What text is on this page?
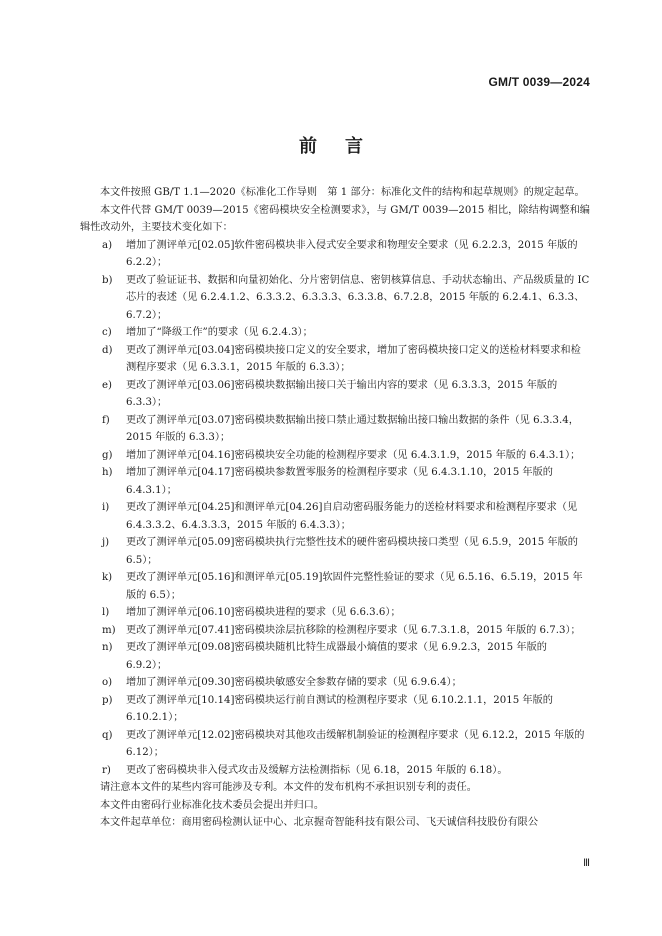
GM/T 0039—2024
前言

本文件按照 GB/T 1.1—2020《标准化工作导则　第 1 部分：标准化文件的结构和起草规则》的规定起草。

本文件代替 GM/T 0039—2015《密码模块安全检测要求》，与 GM/T 0039—2015 相比，除结构调整和编辑性改动外，主要技术变化如下：

a) 增加了测评单元[02.05]软件密码模块非入侵式安全要求和物理安全要求（见 6.2.2.3，2015 年版的 6.2.2）；
b) 更改了验证证书、数据和向量初始化、分片密钥信息、密钥核算信息、手动状态输出、产品级质量的 IC 芯片的表述（见 6.2.4.1.2、6.3.3.2、6.3.3.3、6.3.3.8、6.7.2.8，2015 年版的 6.2.4.1、6.3.3、6.7.2）；
c) 增加了“降级工作”的要求（见 6.2.4.3）；
d) 更改了测评单元[03.04]密码模块接口定义的安全要求，增加了密码模块接口定义的送检材料要求和检测程序要求（见 6.3.3.1，2015 年版的 6.3.3）；
e) 更改了测评单元[03.06]密码模块数据输出接口关于输出内容的要求（见 6.3.3.3，2015 年版的 6.3.3）；
f) 更改了测评单元[03.07]密码模块数据输出接口禁止通过数据输出接口输出数据的条件（见 6.3.3.4，2015 年版的 6.3.3）；
g) 增加了测评单元[04.16]密码模块安全功能的检测程序要求（见 6.4.3.1.9，2015 年版的 6.4.3.1）；
h) 增加了测评单元[04.17]密码模块参数置零服务的检测程序要求（见 6.4.3.1.10，2015 年版的 6.4.3.1）；
i) 更改了测评单元[04.25]和测评单元[04.26]自启动密码服务能力的送检材料要求和检测程序要求（见 6.4.3.3.2、6.4.3.3.3，2015 年版的 6.4.3.3）；
j) 更改了测评单元[05.09]密码模块执行完整性技术的硬件密码模块接口类型（见 6.5.9，2015 年版的 6.5）；
k) 更改了测评单元[05.16]和测评单元[05.19]软固件完整性验证的要求（见 6.5.16、6.5.19，2015 年版的 6.5）；
l) 增加了测评单元[06.10]密码模块进程的要求（见 6.6.3.6）；
m) 更改了测评单元[07.41]密码模块涂层抗移除的检测程序要求（见 6.7.3.1.8，2015 年版的 6.7.3）；
n) 更改了测评单元[09.08]密码模块随机比特生成器最小熵值的要求（见 6.9.2.3，2015 年版的 6.9.2）；
o) 增加了测评单元[09.30]密码模块敏感安全参数存储的要求（见 6.9.6.4）；
p) 更改了测评单元[10.14]密码模块运行前自测试的检测程序要求（见 6.10.2.1.1，2015 年版的 6.10.2.1）；
q) 更改了测评单元[12.02]密码模块对其他攻击缓解机制验证的检测程序要求（见 6.12.2，2015 年版的 6.12）；
r) 更改了密码模块非入侵式攻击及缓解方法检测指标（见 6.18，2015 年版的 6.18）。

请注意本文件的某些内容可能涉及专利。本文件的发布机构不承担识别专利的责任。

本文件由密码行业标准化技术委员会提出并归口。

本文件起草单位：商用密码检测认证中心、北京握奇智能科技有限公司、飞天诚信科技股份有限公

Ⅲ
